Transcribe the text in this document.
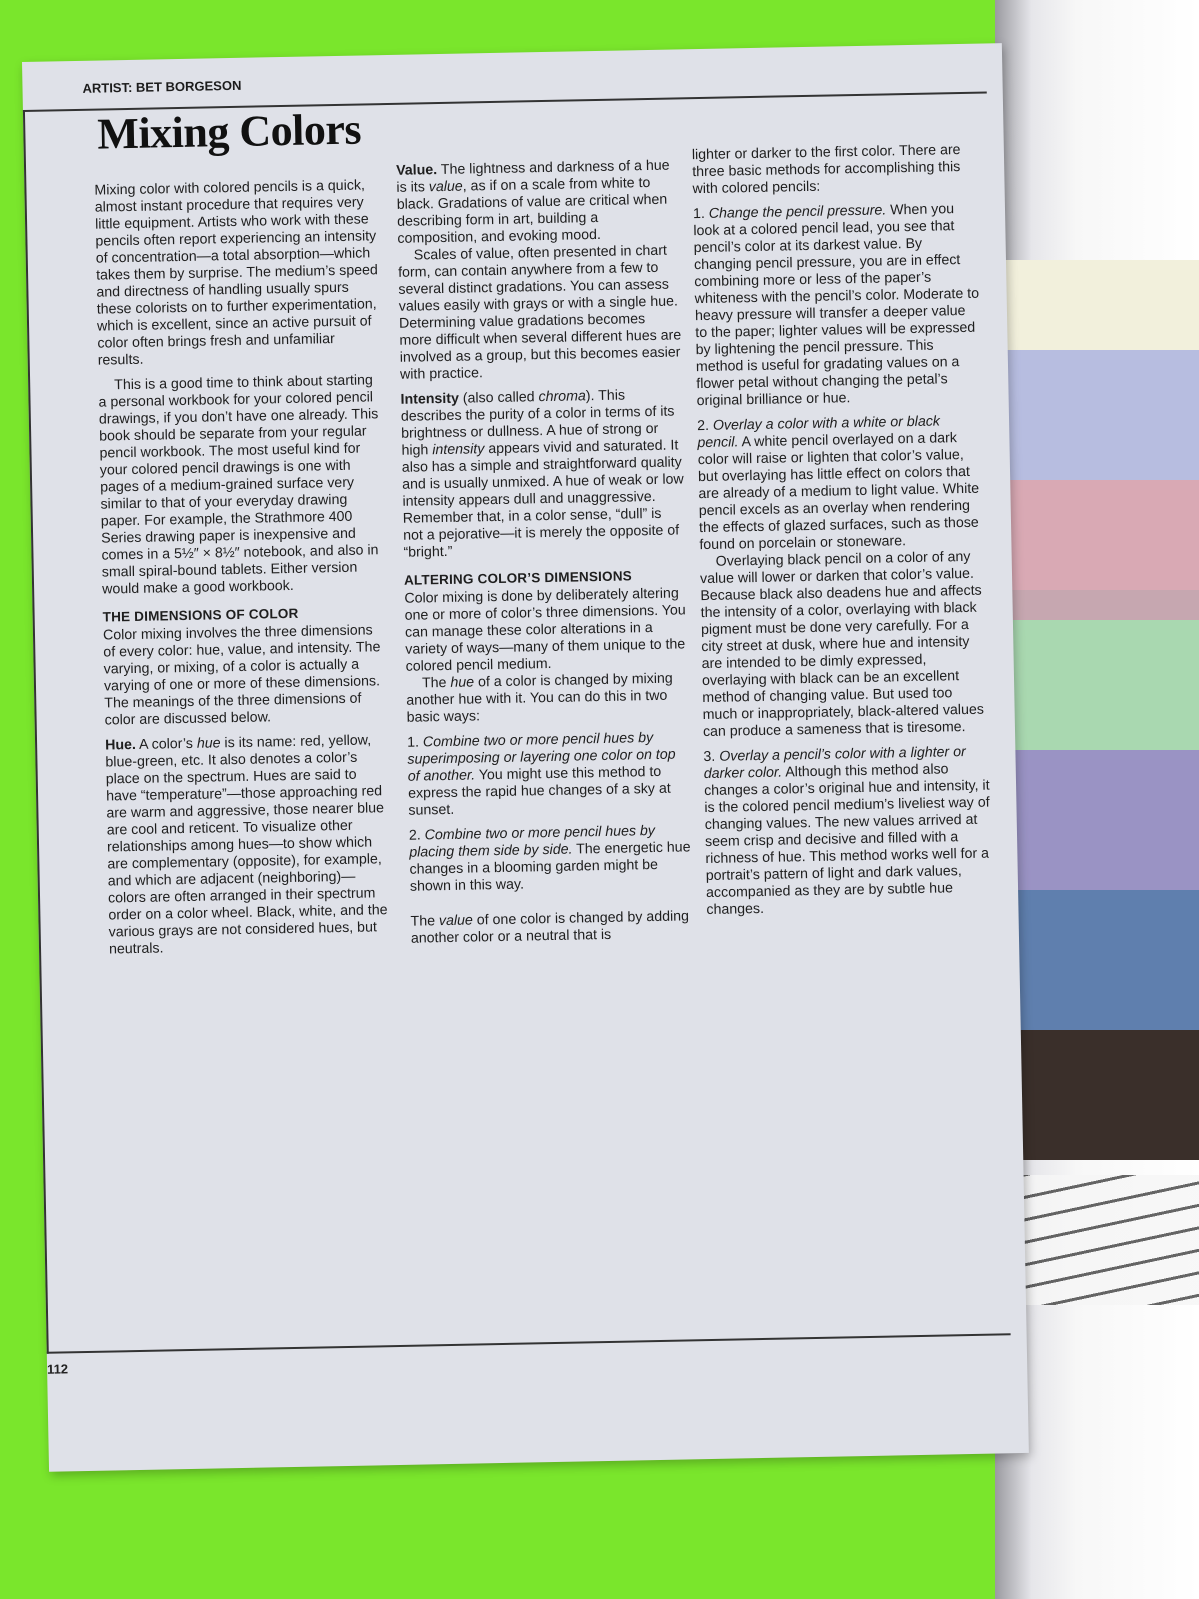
ARTIST: BET BORGESON
Mixing Colors

Mixing color with colored pencils is a quick, almost instant procedure that requires very little equipment. Artists who work with these pencils often report experiencing an intensity of concentration—a total absorption—which takes them by surprise. The medium’s speed and directness of handling usually spurs these colorists on to further experimentation, which is excellent, since an active pursuit of color often brings fresh and unfamiliar results.

This is a good time to think about starting a personal workbook for your colored pencil drawings, if you don’t have one already. This book should be separate from your regular pencil workbook. The most useful kind for your colored pencil drawings is one with pages of a medium-grained surface very similar to that of your everyday drawing paper. For example, the Strathmore 400 Series drawing paper is inexpensive and comes in a 5½″ × 8½″ notebook, and also in small spiral-bound tablets. Either version would make a good workbook.

THE DIMENSIONS OF COLOR

Color mixing involves the three dimensions of every color: hue, value, and intensity. The varying, or mixing, of a color is actually a varying of one or more of these dimensions. The meanings of the three dimensions of color are discussed below.

Hue. A color’s hue is its name: red, yellow, blue-green, etc. It also denotes a color’s place on the spectrum. Hues are said to have “temperature”—those approaching red are warm and aggressive, those nearer blue are cool and reticent. To visualize other relationships among hues—to show which are complementary (opposite), for example, and which are adjacent (neighboring)—colors are often arranged in their spectrum order on a color wheel. Black, white, and the various grays are not considered hues, but neutrals.

Value. The lightness and darkness of a hue is its value, as if on a scale from white to black. Gradations of value are critical when describing form in art, building a composition, and evoking mood.

Scales of value, often presented in chart form, can contain anywhere from a few to several distinct gradations. You can assess values easily with grays or with a single hue. Determining value gradations becomes more difficult when several different hues are involved as a group, but this becomes easier with practice.

Intensity (also called chroma). This describes the purity of a color in terms of its brightness or dullness. A hue of strong or high intensity appears vivid and saturated. It also has a simple and straightforward quality and is usually unmixed. A hue of weak or low intensity appears dull and unaggressive. Remember that, in a color sense, “dull” is not a pejorative—it is merely the opposite of “bright.”

ALTERING COLOR’S DIMENSIONS

Color mixing is done by deliberately altering one or more of color’s three dimensions. You can manage these color alterations in a variety of ways—many of them unique to the colored pencil medium.

The hue of a color is changed by mixing another hue with it. You can do this in two basic ways:

1. Combine two or more pencil hues by superimposing or layering one color on top of another. You might use this method to express the rapid hue changes of a sky at sunset.

2. Combine two or more pencil hues by placing them side by side. The energetic hue changes in a blooming garden might be shown in this way.

The value of one color is changed by adding another color or a neutral that is

lighter or darker to the first color. There are three basic methods for accomplishing this with colored pencils:

1. Change the pencil pressure. When you look at a colored pencil lead, you see that pencil’s color at its darkest value. By changing pencil pressure, you are in effect combining more or less of the paper’s whiteness with the pencil’s color. Moderate to heavy pressure will transfer a deeper value to the paper; lighter values will be expressed by lightening the pencil pressure. This method is useful for gradating values on a flower petal without changing the petal’s original brilliance or hue.

2. Overlay a color with a white or black pencil. A white pencil overlayed on a dark color will raise or lighten that color’s value, but overlaying has little effect on colors that are already of a medium to light value. White pencil excels as an overlay when rendering the effects of glazed surfaces, such as those found on porcelain or stoneware.

Overlaying black pencil on a color of any value will lower or darken that color’s value. Because black also deadens hue and affects the intensity of a color, overlaying with black pigment must be done very carefully. For a city street at dusk, where hue and intensity are intended to be dimly expressed, overlaying with black can be an excellent method of changing value. But used too much or inappropriately, black-altered values can produce a sameness that is tiresome.

3. Overlay a pencil’s color with a lighter or darker color. Although this method also changes a color’s original hue and intensity, it is the colored pencil medium’s liveliest way of changing values. The new values arrived at seem crisp and decisive and filled with a richness of hue. This method works well for a portrait’s pattern of light and dark values, accompanied as they are by subtle hue changes.

112
